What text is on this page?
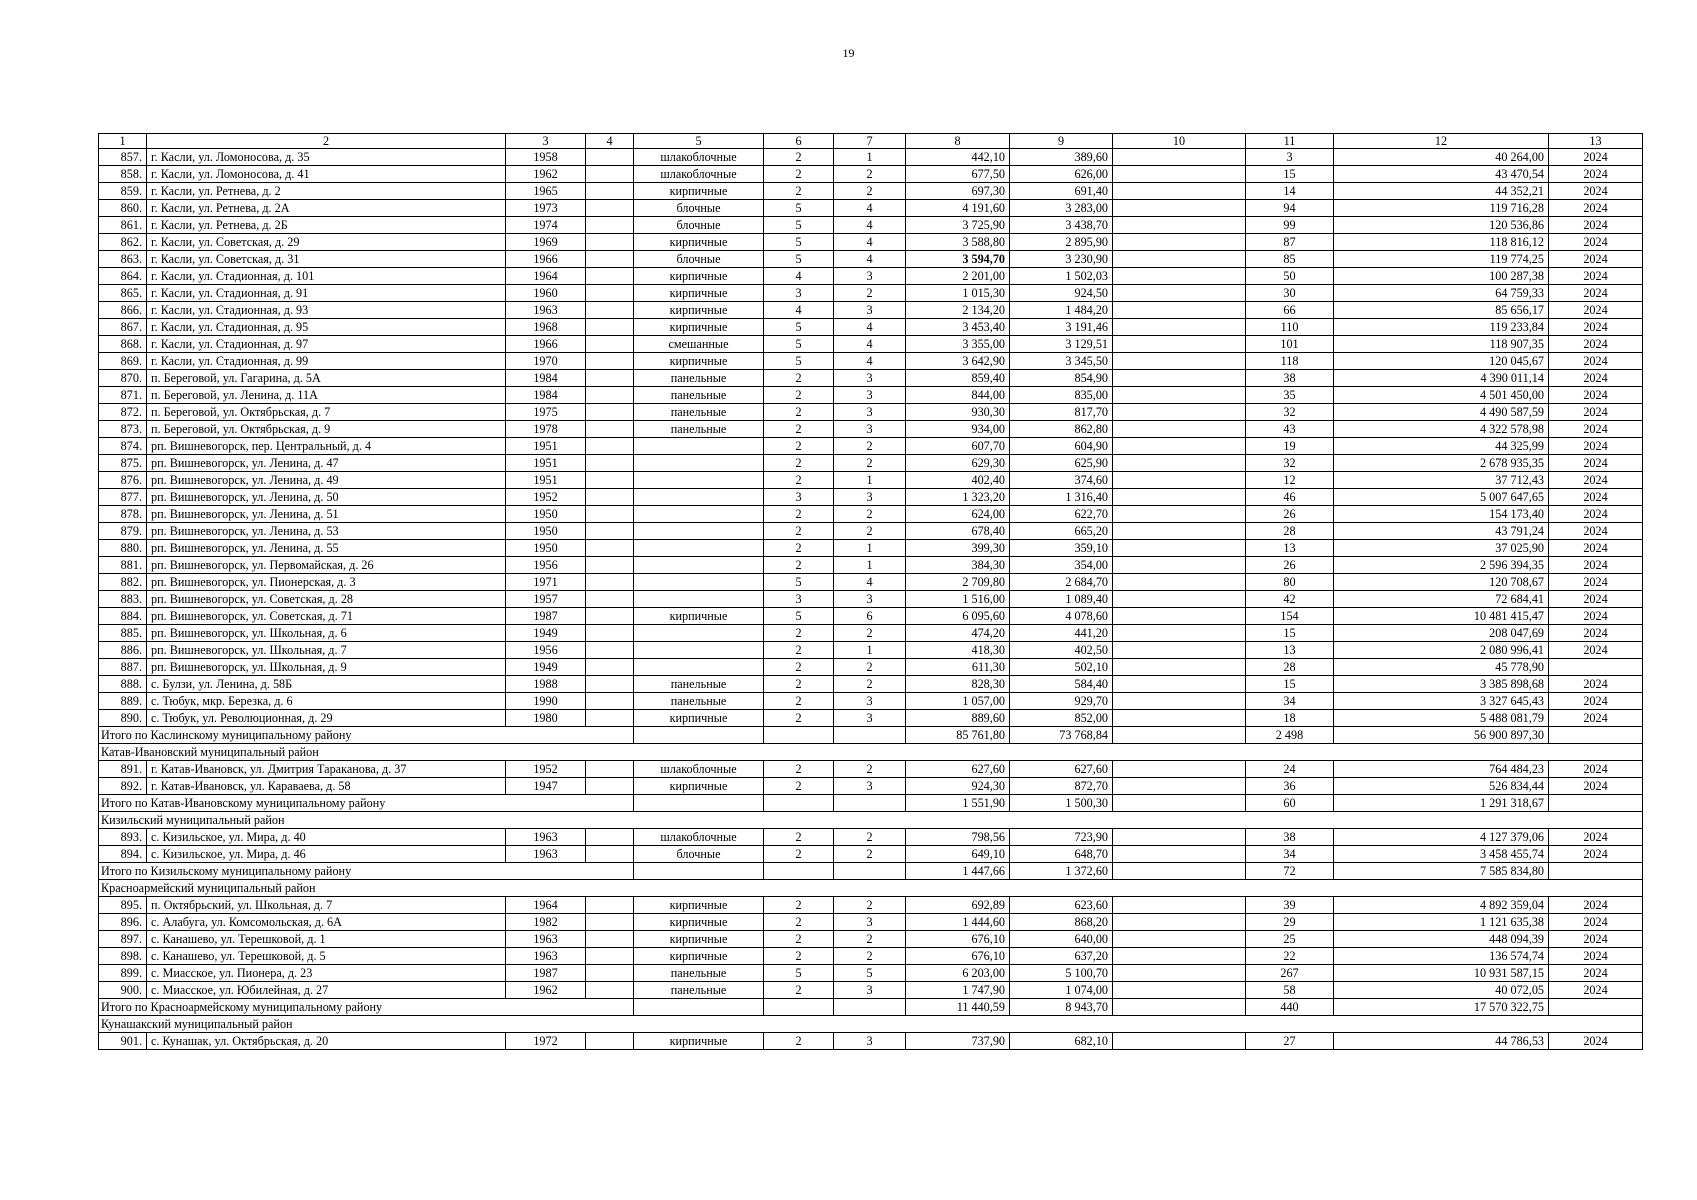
19
1	2	3	4	5	6	7	8	9	10	11	12	13
857.	г. Касли, ул. Ломоносова, д. 35	1958		шлакоблочные	2	1	442,10	389,60		3	40 264,00	2024
858.	г. Касли, ул. Ломоносова, д. 41	1962		шлакоблочные	2	2	677,50	626,00		15	43 470,54	2024
859.	г. Касли, ул. Ретнева, д. 2	1965		кирпичные	2	2	697,30	691,40		14	44 352,21	2024
860.	г. Касли, ул. Ретнева, д. 2А	1973		блочные	5	4	4 191,60	3 283,00		94	119 716,28	2024
861.	г. Касли, ул. Ретнева, д. 2Б	1974		блочные	5	4	3 725,90	3 438,70		99	120 536,86	2024
862.	г. Касли, ул. Советская, д. 29	1969		кирпичные	5	4	3 588,80	2 895,90		87	118 816,12	2024
863.	г. Касли, ул. Советская, д. 31	1966		блочные	5	4	3 594,70	3 230,90		85	119 774,25	2024
864.	г. Касли, ул. Стадионная, д. 101	1964		кирпичные	4	3	2 201,00	1 502,03		50	100 287,38	2024
865.	г. Касли, ул. Стадионная, д. 91	1960		кирпичные	3	2	1 015,30	924,50		30	64 759,33	2024
866.	г. Касли, ул. Стадионная, д. 93	1963		кирпичные	4	3	2 134,20	1 484,20		66	85 656,17	2024
867.	г. Касли, ул. Стадионная, д. 95	1968		кирпичные	5	4	3 453,40	3 191,46		110	119 233,84	2024
868.	г. Касли, ул. Стадионная, д. 97	1966		смешанные	5	4	3 355,00	3 129,51		101	118 907,35	2024
869.	г. Касли, ул. Стадионная, д. 99	1970		кирпичные	5	4	3 642,90	3 345,50		118	120 045,67	2024
870.	п. Береговой, ул. Гагарина, д. 5А	1984		панельные	2	3	859,40	854,90		38	4 390 011,14	2024
871.	п. Береговой, ул. Ленина, д. 11А	1984		панельные	2	3	844,00	835,00		35	4 501 450,00	2024
872.	п. Береговой, ул. Октябрьская, д. 7	1975		панельные	2	3	930,30	817,70		32	4 490 587,59	2024
873.	п. Береговой, ул. Октябрьская, д. 9	1978		панельные	2	3	934,00	862,80		43	4 322 578,98	2024
874.	рп. Вишневогорск, пер. Центральный, д. 4	1951			2	2	607,70	604,90		19	44 325,99	2024
875.	рп. Вишневогорск, ул. Ленина, д. 47	1951			2	2	629,30	625,90		32	2 678 935,35	2024
876.	рп. Вишневогорск, ул. Ленина, д. 49	1951			2	1	402,40	374,60		12	37 712,43	2024
877.	рп. Вишневогорск, ул. Ленина, д. 50	1952			3	3	1 323,20	1 316,40		46	5 007 647,65	2024
878.	рп. Вишневогорск, ул. Ленина, д. 51	1950			2	2	624,00	622,70		26	154 173,40	2024
879.	рп. Вишневогорск, ул. Ленина, д. 53	1950			2	2	678,40	665,20		28	43 791,24	2024
880.	рп. Вишневогорск, ул. Ленина, д. 55	1950			2	1	399,30	359,10		13	37 025,90	2024
881.	рп. Вишневогорск, ул. Первомайская, д. 26	1956			2	1	384,30	354,00		26	2 596 394,35	2024
882.	рп. Вишневогорск, ул. Пионерская, д. 3	1971			5	4	2 709,80	2 684,70		80	120 708,67	2024
883.	рп. Вишневогорск, ул. Советская, д. 28	1957			3	3	1 516,00	1 089,40		42	72 684,41	2024
884.	рп. Вишневогорск, ул. Советская, д. 71	1987		кирпичные	5	6	6 095,60	4 078,60		154	10 481 415,47	2024
885.	рп. Вишневогорск, ул. Школьная, д. 6	1949			2	2	474,20	441,20		15	208 047,69	2024
886.	рп. Вишневогорск, ул. Школьная, д. 7	1956			2	1	418,30	402,50		13	2 080 996,41	2024
887.	рп. Вишневогорск, ул. Школьная, д. 9	1949			2	2	611,30	502,10		28	45 778,90	
888.	с. Булзи, ул. Ленина, д. 58Б	1988		панельные	2	2	828,30	584,40		15	3 385 898,68	2024
889.	с. Тюбук, мкр. Березка, д. 6	1990		панельные	2	3	1 057,00	929,70		34	3 327 645,43	2024
890.	с. Тюбук, ул. Революционная, д. 29	1980		кирпичные	2	3	889,60	852,00		18	5 488 081,79	2024
Итого по Каслинскому муниципальному району							85 761,80	73 768,84		2 498	56 900 897,30	
Катав-Ивановский муниципальный район												
891.	г. Катав-Ивановск, ул. Дмитрия Тараканова, д. 37	1952		шлакоблочные	2	2	627,60	627,60		24	764 484,23	2024
892.	г. Катав-Ивановск, ул. Караваева, д. 58	1947		кирпичные	2	3	924,30	872,70		36	526 834,44	2024
Итого по Катав-Ивановскому муниципальному району							1 551,90	1 500,30		60	1 291 318,67	
Кизильский муниципальный район												
893.	с. Кизильское, ул. Мира, д. 40	1963		шлакоблочные	2	2	798,56	723,90		38	4 127 379,06	2024
894.	с. Кизильское, ул. Мира, д. 46	1963		блочные	2	2	649,10	648,70		34	3 458 455,74	2024
Итого по Кизильскому муниципальному району							1 447,66	1 372,60		72	7 585 834,80	
Красноармейский муниципальный район												
895.	п. Октябрьский, ул. Школьная, д. 7	1964		кирпичные	2	2	692,89	623,60		39	4 892 359,04	2024
896.	с. Алабуга, ул. Комсомольская, д. 6А	1982		кирпичные	2	3	1 444,60	868,20		29	1 121 635,38	2024
897.	с. Канашево, ул. Терешковой, д. 1	1963		кирпичные	2	2	676,10	640,00		25	448 094,39	2024
898.	с. Канашево, ул. Терешковой, д. 5	1963		кирпичные	2	2	676,10	637,20		22	136 574,74	2024
899.	с. Миасское, ул. Пионера, д. 23	1987		панельные	5	5	6 203,00	5 100,70		267	10 931 587,15	2024
900.	с. Миасское, ул. Юбилейная, д. 27	1962		панельные	2	3	1 747,90	1 074,00		58	40 072,05	2024
Итого по Красноармейскому муниципальному району							11 440,59	8 943,70		440	17 570 322,75	
Кунашакский муниципальный район												
901.	с. Кунашак, ул. Октябрьская, д. 20	1972		кирпичные	2	3	737,90	682,10		27	44 786,53	2024
